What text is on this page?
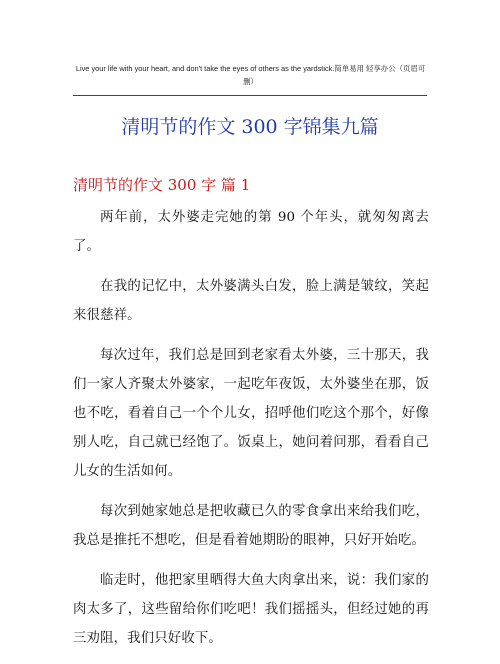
Live your life with your heart, and don't take the eyes of others as the yardstick.简单易用 轻享办公（页眉可
删）
清明节的作文 300 字锦集九篇
清明节的作文 300 字 篇 1

两年前，太外婆走完她的第 90 个年头，就匆匆离去了。

在我的记忆中，太外婆满头白发，脸上满是皱纹，笑起来很慈祥。

每次过年，我们总是回到老家看太外婆，三十那天，我们一家人齐聚太外婆家，一起吃年夜饭，太外婆坐在那，饭也不吃，看着自己一个个儿女，招呼他们吃这个那个，好像别人吃，自己就已经饱了。饭桌上，她问着问那，看看自己儿女的生活如何。

每次到她家她总是把收藏已久的零食拿出来给我们吃，我总是推托不想吃，但是看着她期盼的眼神，只好开始吃。

临走时，他把家里晒得大鱼大肉拿出来，说：我们家的肉太多了，这些留给你们吃吧！我们摇摇头，但经过她的再三劝阻，我们只好收下。
